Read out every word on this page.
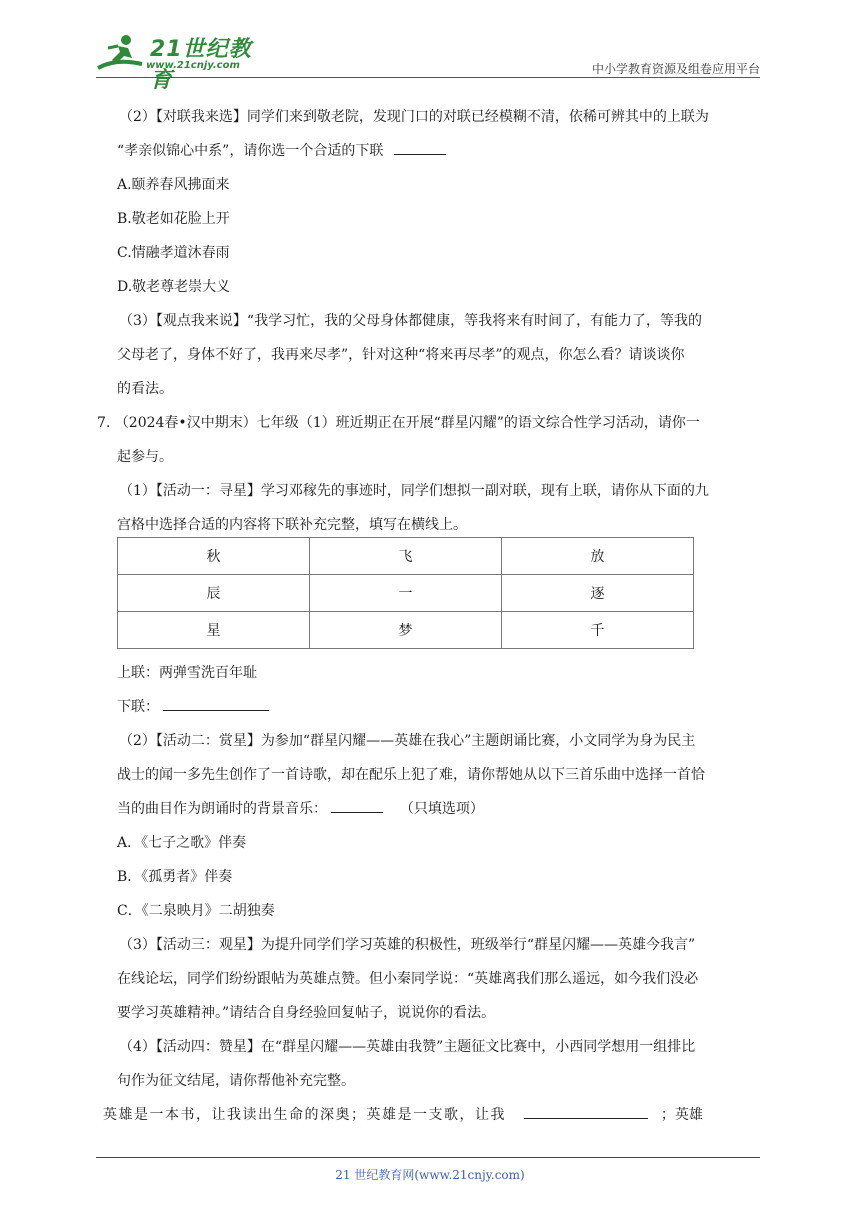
21世纪教育
www.21cnjy.com	中小学教育资源及组卷应用平台
（2）【对联我来选】同学们来到敬老院，发现门口的对联已经模糊不清，依稀可辨其中的上联为
“孝亲似锦心中系”，请你选一个合适的下联
A.颐养春风拂面来
B.敬老如花脸上开
C.情融孝道沐春雨
D.敬老尊老崇大义
（3）【观点我来说】“我学习忙，我的父母身体都健康，等我将来有时间了，有能力了，等我的
父母老了，身体不好了，我再来尽孝”，针对这种“将来再尽孝”的观点，你怎么看？请谈谈你
的看法。
7. （2024春•汉中期末）七年级（1）班近期正在开展“群星闪耀”的语文综合性学习活动，请你一
起参与。
（1）【活动一：寻星】学习邓稼先的事迹时，同学们想拟一副对联，现有上联，请你从下面的九
宫格中选择合适的内容将下联补充完整，填写在横线上。
秋	飞	放
辰	一	逐
星	梦	千
上联：两弹雪洗百年耻
下联：
（2）【活动二：赏星】为参加“群星闪耀——英雄在我心”主题朗诵比赛，小文同学为身为民主
战士的闻一多先生创作了一首诗歌，却在配乐上犯了难，请你帮她从以下三首乐曲中选择一首恰
当的曲目作为朗诵时的背景音乐：	（只填选项）
A．《七子之歌》伴奏
B．《孤勇者》伴奏
C．《二泉映月》二胡独奏
（3）【活动三：观星】为提升同学们学习英雄的积极性，班级举行“群星闪耀——英雄今我言”
在线论坛，同学们纷纷跟帖为英雄点赞。但小秦同学说：“英雄离我们那么遥远，如今我们没必
要学习英雄精神。”请结合自身经验回复帖子，说说你的看法。
（4）【活动四：赞星】在“群星闪耀——英雄由我赞”主题征文比赛中，小西同学想用一组排比
句作为征文结尾，请你帮他补充完整。
英雄是一本书，让我读出生命的深奥；英雄是一支歌，让我	；英雄
21 世纪教育网(www.21cnjy.com)
